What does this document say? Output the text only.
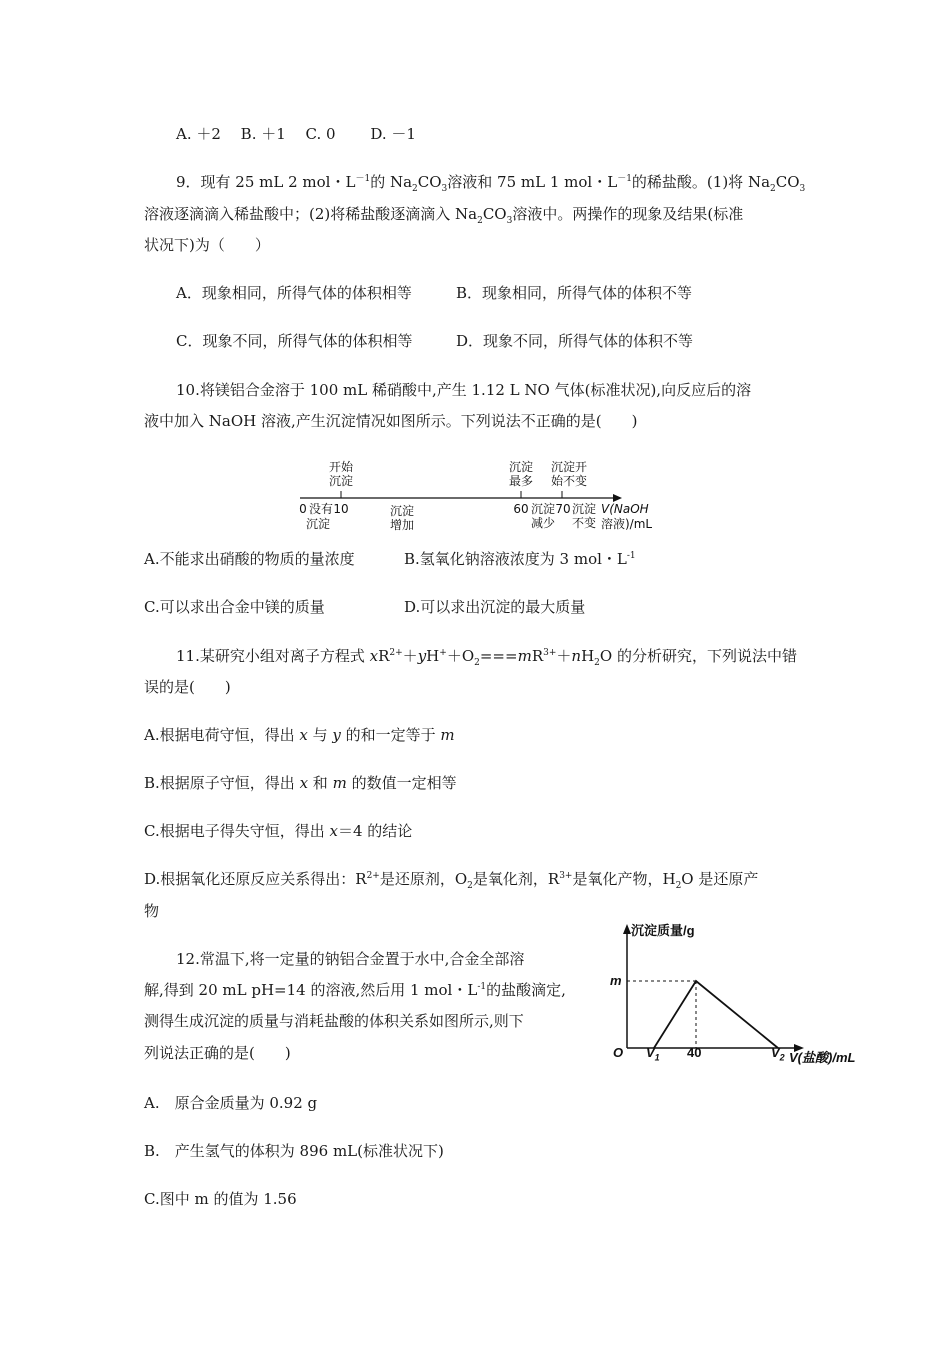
A. ＋2　 B. ＋1　 C. 0　　 D. －1
9．现有 25 mL 2 mol・$L^{-1}$的 $Na_2CO_3$溶液和 75 mL 1 mol・$L^{-1}$的稀盐酸。(1)将 $Na_2CO_3$
溶液逐滴滴入稀盐酸中；(2)将稀盐酸逐滴滴入 $Na_2CO_3$溶液中。两操作的现象及结果(标准
状况下)为（　　）
A．现象相同，所得气体的体积相等	B．现象相同，所得气体的体积不等
C．现象不同，所得气体的体积相等	D．现象不同，所得气体的体积不等
10.将镁铝合金溶于 100 mL 稀硝酸中,产生 1.12 L NO 气体(标准状况),向反应后的溶
液中加入 NaOH 溶液,产生沉淀情况如图所示。下列说法不正确的是(　　)
开始
沉淀
沉淀
最多
沉淀开
始不变
0 没有 10
沉淀
沉淀
增加
60 沉淀
减少
70 沉淀
不变
V(NaOH
溶液)/mL
A.不能求出硝酸的物质的量浓度	B.氢氧化钠溶液浓度为 3 mol・$L^{-1}$
C.可以求出合金中镁的质量	D.可以求出沉淀的最大质量
11.某研究小组对离子方程式 $xR^{2+}+yH^++O_2===mR^{3+}+nH_2O$ 的分析研究，下列说法中错
误的是(　　)
A.根据电荷守恒，得出 x 与 y 的和一定等于 m
B.根据原子守恒，得出 x 和 m 的数值一定相等
C.根据电子得失守恒，得出 x＝4 的结论
D.根据氧化还原反应关系得出：$R^{2+}$是还原剂，$O_2$是氧化剂，$R^{3+}$是氧化产物，$H_2O$ 是还原产
物
12.常温下,将一定量的钠铝合金置于水中,合金全部溶
解,得到 20 mL pH=14 的溶液,然后用 1 mol・$L^{-1}$的盐酸滴定,
测得生成沉淀的质量与消耗盐酸的体积关系如图所示,则下
列说法正确的是(　　)
沉淀质量/g
m
O $V_1$ 40	$V_2$ V(盐酸)/mL
A.　原合金质量为 0.92 g
B.　产生氢气的体积为 896 mL(标准状况下)
C.图中 m 的值为 1.56
